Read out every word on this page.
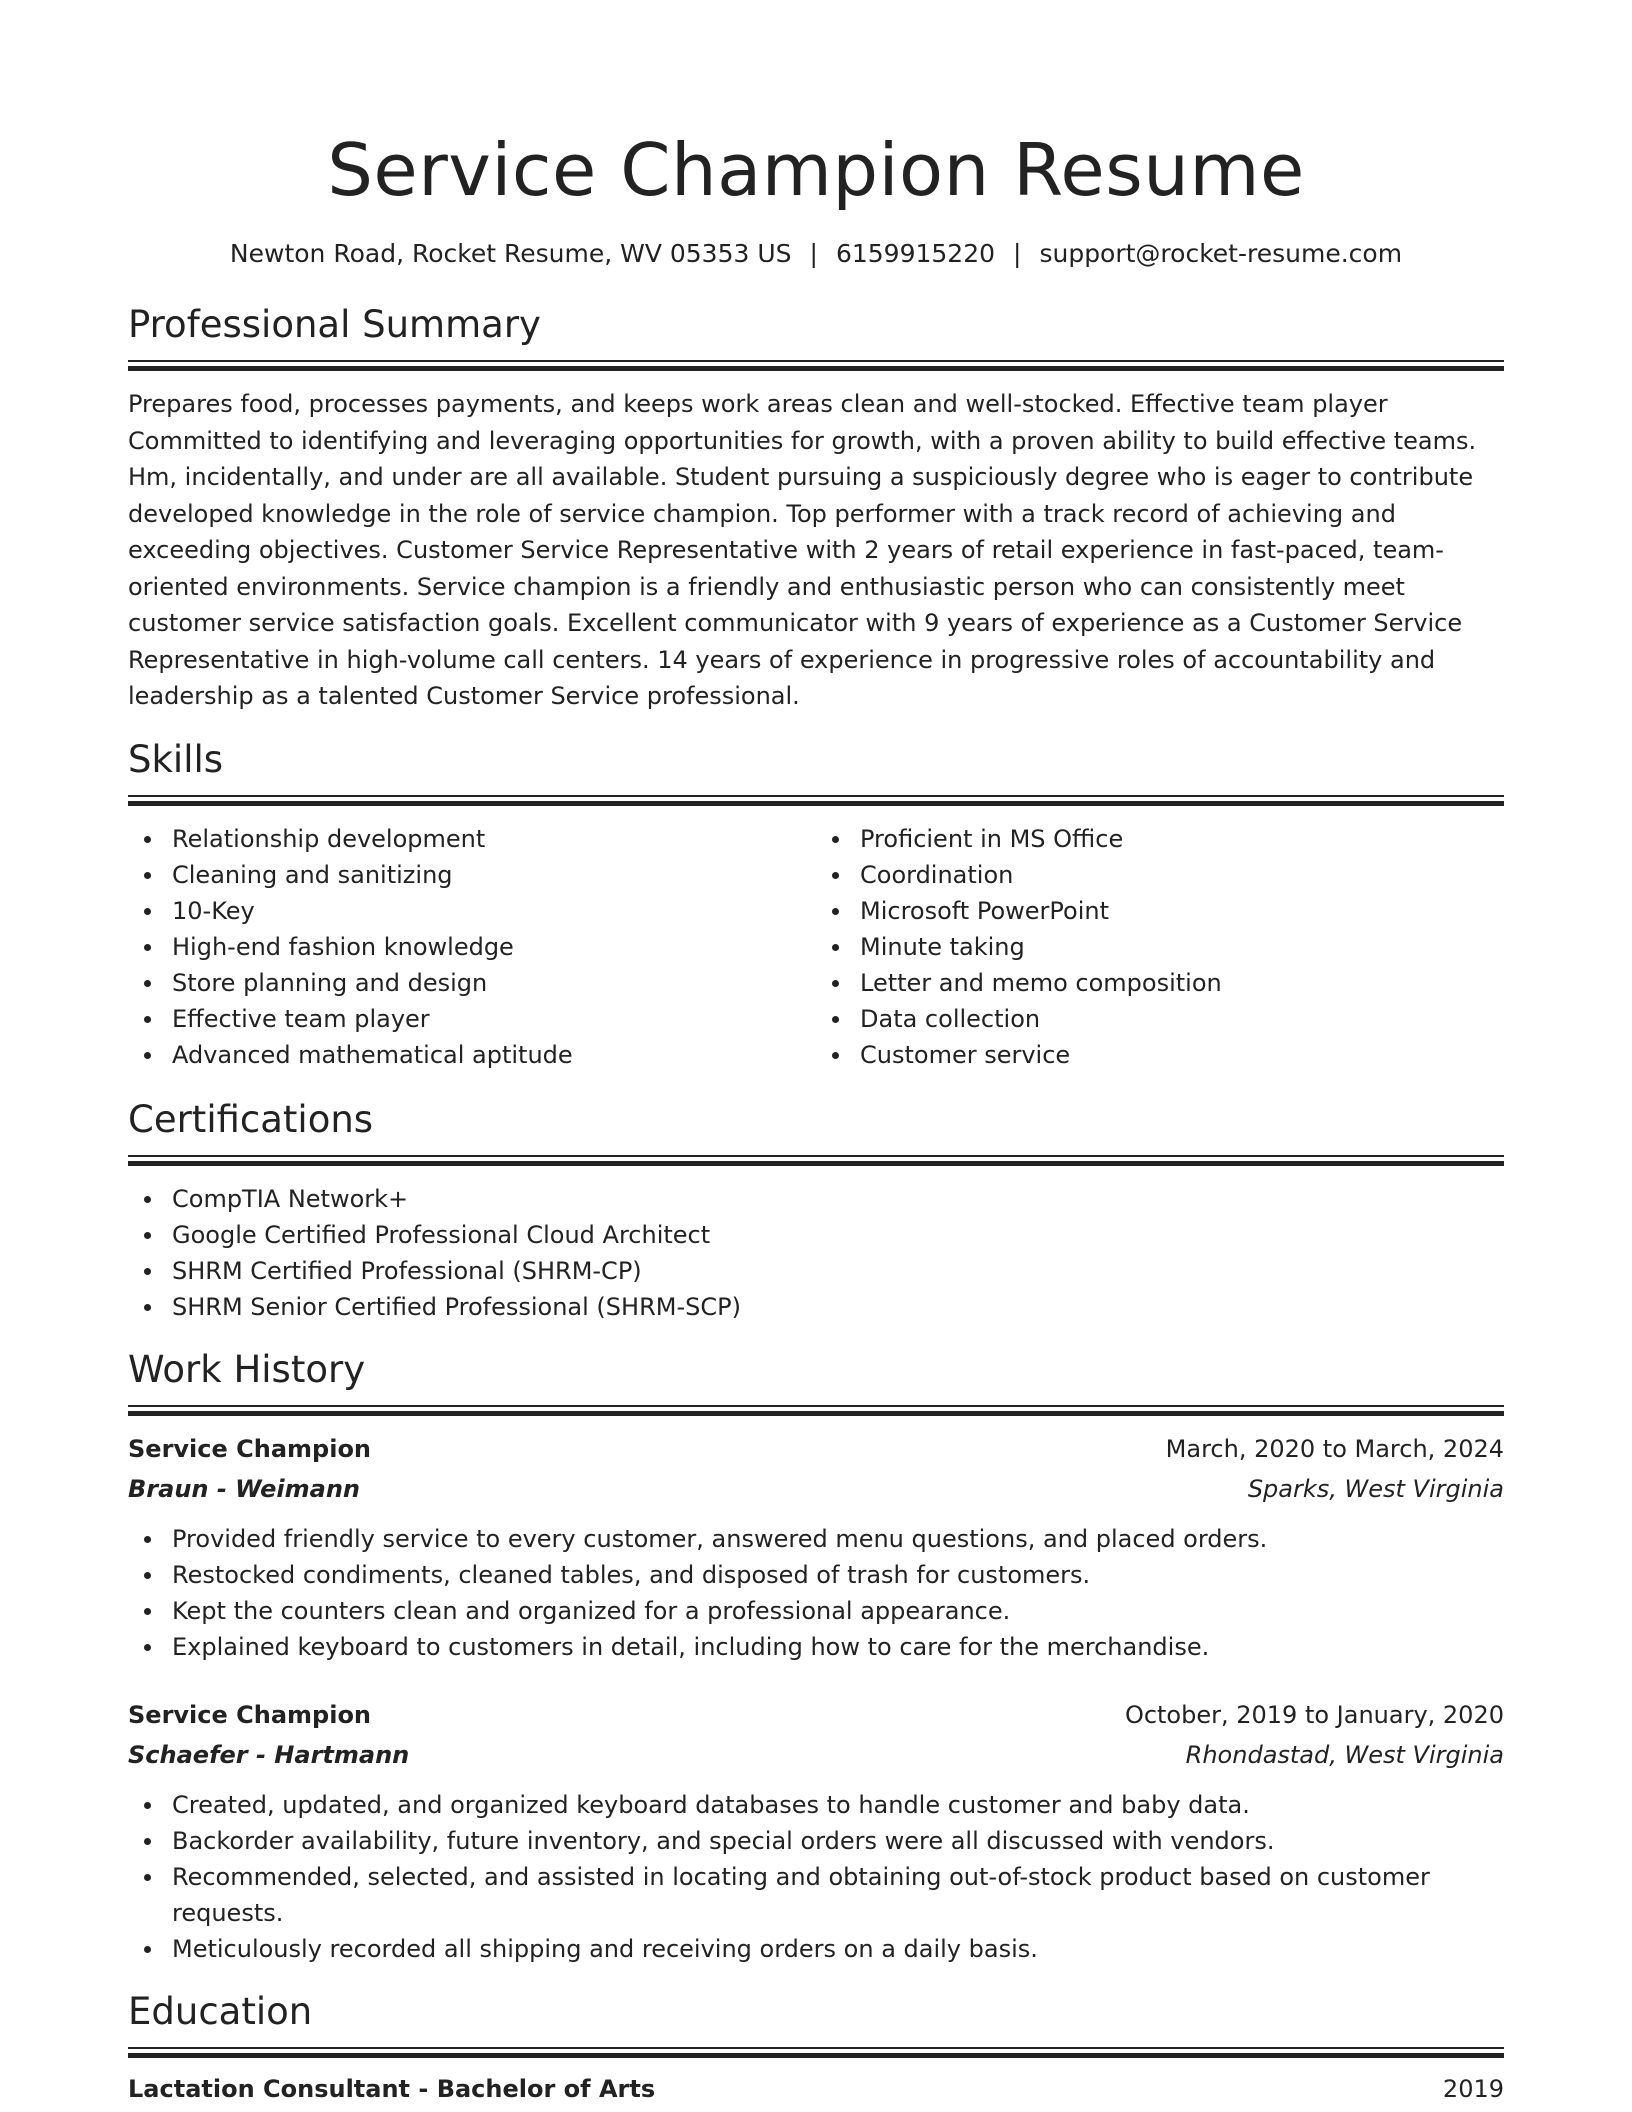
Service Champion Resume
Newton Road, Rocket Resume, WV 05353 US | 6159915220 | support@rocket-resume.com
Professional Summary

Prepares food, processes payments, and keeps work areas clean and well-stocked. Effective team player Committed to identifying and leveraging opportunities for growth, with a proven ability to build effective teams. Hm, incidentally, and under are all available. Student pursuing a suspiciously degree who is eager to contribute developed knowledge in the role of service champion. Top performer with a track record of achieving and exceeding objectives. Customer Service Representative with 2 years of retail experience in fast-paced, team-oriented environments. Service champion is a friendly and enthusiastic person who can consistently meet customer service satisfaction goals. Excellent communicator with 9 years of experience as a Customer Service Representative in high-volume call centers. 14 years of experience in progressive roles of accountability and leadership as a talented Customer Service professional.

Skills
Relationship development
Cleaning and sanitizing
10-Key
High-end fashion knowledge
Store planning and design
Effective team player
Advanced mathematical aptitude
Proficient in MS Office
Coordination
Microsoft PowerPoint
Minute taking
Letter and memo composition
Data collection
Customer service
Certifications
CompTIA Network+
Google Certified Professional Cloud Architect
SHRM Certified Professional (SHRM-CP)
SHRM Senior Certified Professional (SHRM-SCP)
Work History
Service Champion	March, 2020 to March, 2024
Braun - Weimann	Sparks, West Virginia
Provided friendly service to every customer, answered menu questions, and placed orders.
Restocked condiments, cleaned tables, and disposed of trash for customers.
Kept the counters clean and organized for a professional appearance.
Explained keyboard to customers in detail, including how to care for the merchandise.
Service Champion	October, 2019 to January, 2020
Schaefer - Hartmann	Rhondastad, West Virginia
Created, updated, and organized keyboard databases to handle customer and baby data.
Backorder availability, future inventory, and special orders were all discussed with vendors.
Recommended, selected, and assisted in locating and obtaining out-of-stock product based on customer requests.
Meticulously recorded all shipping and receiving orders on a daily basis.
Education
Lactation Consultant - Bachelor of Arts	2019
